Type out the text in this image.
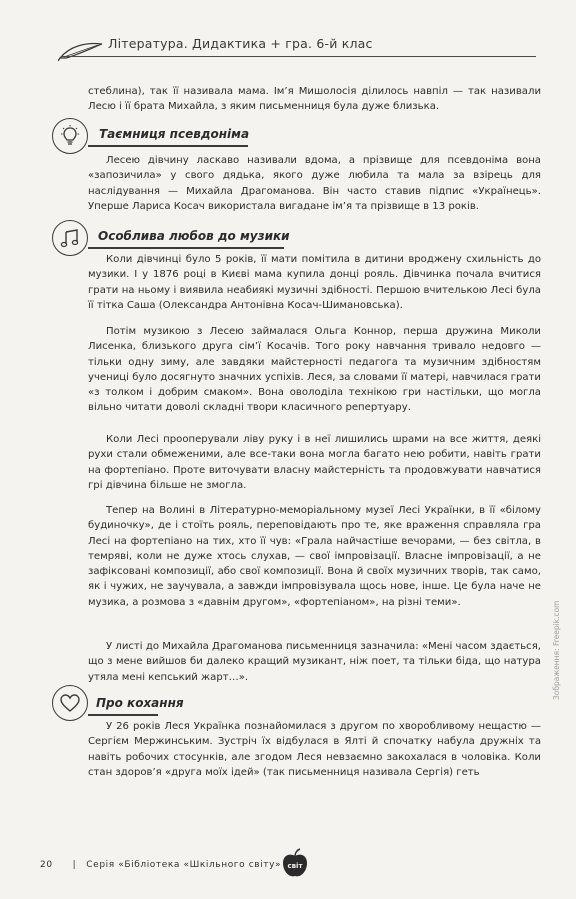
Література. Дидактика + гра. 6-й клас

стеблина), так її називала мама. Ім’я Мишолосія ділилось навпіл — так називали Лесю і її брата Михайла, з яким письменниця була дуже близька.

Таємниця псевдоніма

Лесею дівчину ласкаво називали вдома, а прізвище для псевдоніма вона «запозичила» у свого дядька, якого дуже любила та мала за взірець для наслідування — Михайла Драгоманова. Він часто ставив підпис «Українець». Уперше Лариса Косач використала вигадане ім’я та прізвище в 13 років.

Особлива любов до музики

Коли дівчинці було 5 років, її мати помітила в дитини вроджену схильність до музики. І у 1876 році в Києві мама купила донці рояль. Дівчинка почала вчитися грати на ньому і виявила неабиякі музичні здібності. Першою вчителькою Лесі була її тітка Саша (Олександра Антонівна Косач-Шимановська).

Потім музикою з Лесею займалася Ольга Коннор, перша дружина Миколи Лисенка, близького друга сім’ї Косачів. Того року навчання тривало недовго — тільки одну зиму, але завдяки майстерності педагога та музичним здібностям учениці було досягнуто значних успіхів. Леся, за словами її матері, навчилася грати «з толком і добрим смаком». Вона оволоділа технікою гри настільки, що могла вільно читати доволі складні твори класичного репертуару.

Коли Лесі прооперували ліву руку і в неї лишились шрами на все життя, деякі рухи стали обмеженими, але все-таки вона могла багато нею робити, навіть грати на фортепіано. Проте виточувати власну майстерність та продовжувати навчатися грі дівчина більше не змогла.

Тепер на Волині в Літературно-меморіальному музеї Лесі Українки, в її «білому будиночку», де і стоїть рояль, переповідають про те, яке враження справляла гра Лесі на фортепіано на тих, хто її чув: «Грала найчастіше вечорами, — без світла, в темряві, коли не дуже хтось слухав, — свої імпровізації. Власне імпровізації, а не зафіксовані композиції, або свої композиції. Вона й своїх музичних творів, так само, як і чужих, не заучувала, а завжди імпровізувала щось нове, інше. Це була наче не музика, а розмова з «давнім другом», «фортепіаном», на різні теми».

У листі до Михайла Драгоманова письменниця зазначила: «Мені часом здається, що з мене вийшов би далеко кращий музикант, ніж поет, та тільки біда, що натура утяла мені кепський жарт…».

Про кохання

У 26 років Леся Українка познайомилася з другом по хворобливому нещастю — Сергієм Мержинським. Зустріч їх відбулася в Ялті й спочатку набула дружніх та навіть робочих стосунків, але згодом Леся невзаємно закохалася в чоловіка. Коли стан здоров’я «друга моїх ідей» (так письменниця називала Сергія) геть

20 | Серія «Бібліотека «Шкільного світу» світ
Зображення: Freepik.com
